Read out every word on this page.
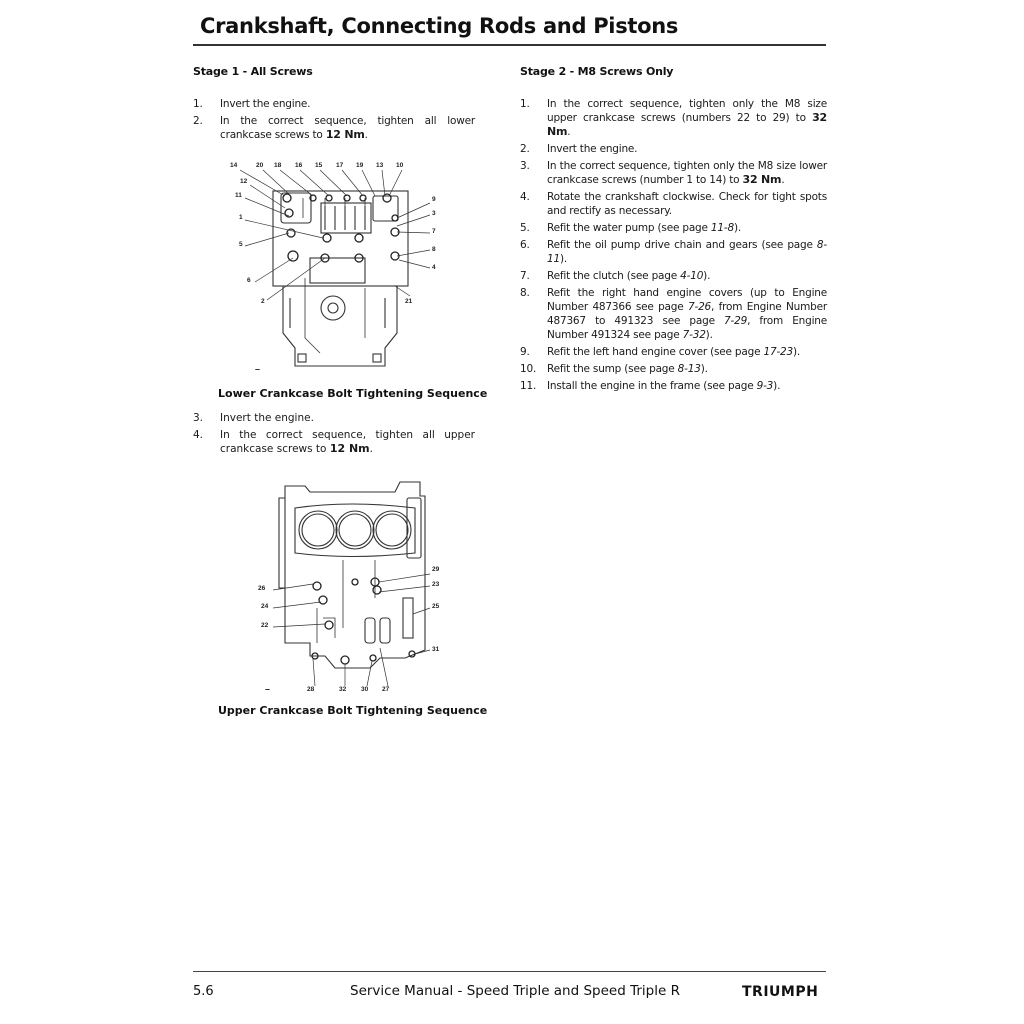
Crankshaft, Connecting Rods and Pistons
Stage 1 - All Screws
1.	Invert the engine.
2.	In the correct sequence, tighten all lower crankcase screws to 12 Nm.
14	20 18 16 15 17 19 13 10
12
11
1
5
6
2
9
3
7
8
4
21
–
Lower Crankcase Bolt Tightening Sequence
3.	Invert the engine.
4.	In the correct sequence, tighten all upper crankcase screws to 12 Nm.
26
24
22
29
23
25
31
28	32 30 27
–
Upper Crankcase Bolt Tightening Sequence
Stage 2 - M8 Screws Only
1.	In the correct sequence, tighten only the M8 size upper crankcase screws (numbers 22 to 29) to 32 Nm.
2.	Invert the engine.
3.	In the correct sequence, tighten only the M8 size lower crankcase screws (number 1 to 14) to 32 Nm.
4.	Rotate the crankshaft clockwise. Check for tight spots and rectify as necessary.
5.	Refit the water pump (see page 11-8).
6.	Refit the oil pump drive chain and gears (see page 8-11).
7.	Refit the clutch (see page 4-10).
8.	Refit the right hand engine covers (up to Engine Number 487366 see page 7-26, from Engine Number 487367 to 491323 see page 7-29, from Engine Number 491324 see page 7-32).
9.	Refit the left hand engine cover (see page 17-23).
10.	Refit the sump (see page 8-13).
11.	Install the engine in the frame (see page 9-3).
5.6	Service Manual - Speed Triple and Speed Triple R	TRIUMPH
